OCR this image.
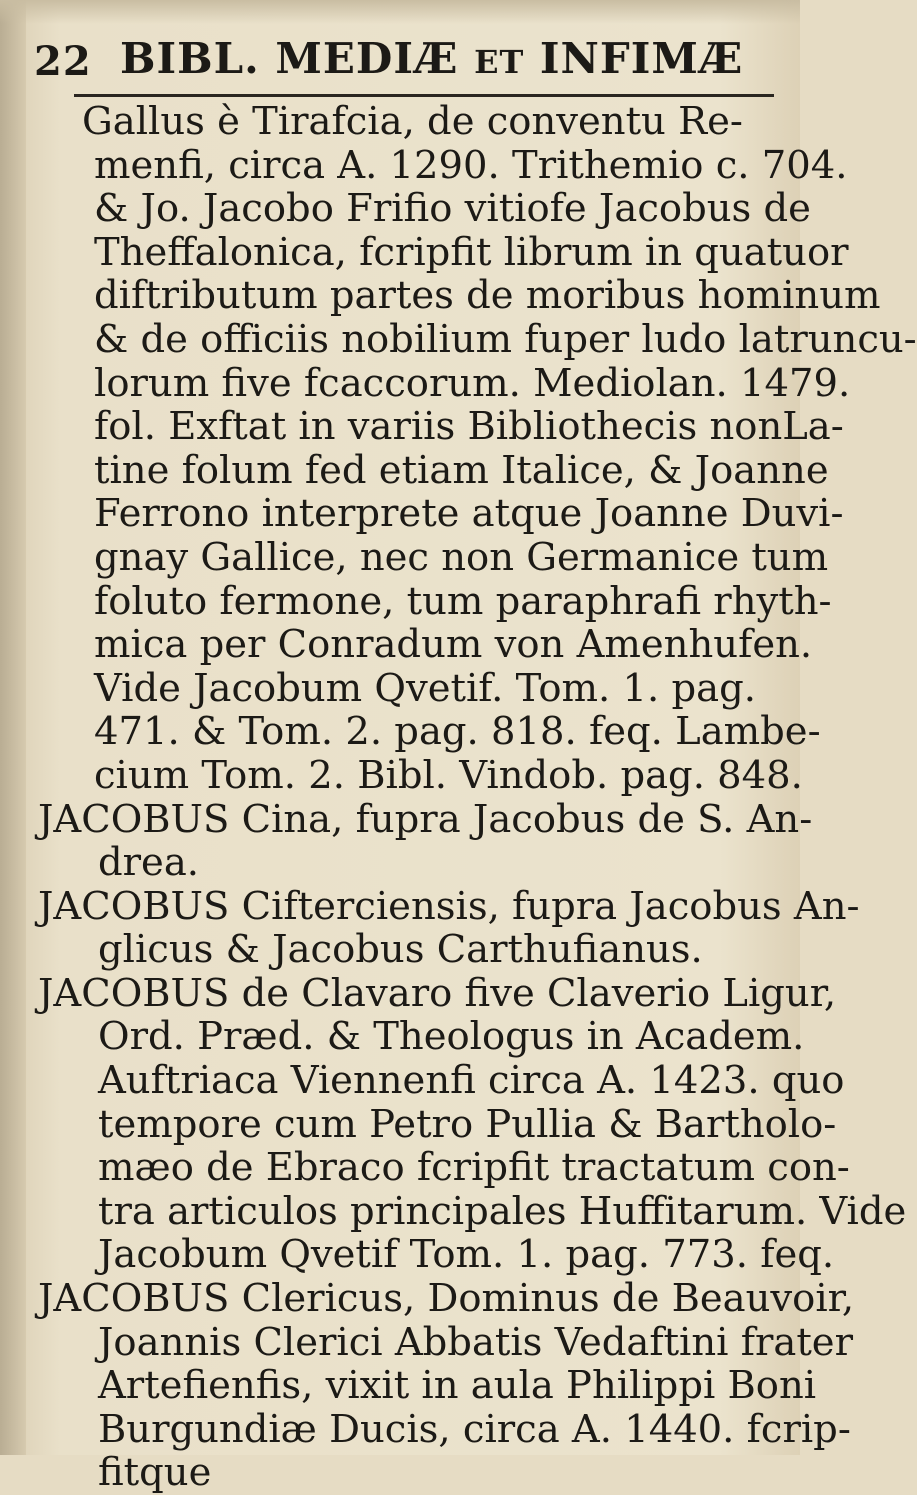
22 BIBL. MEDIÆ ET INFIMÆ
Gallus è Tirafcia, de conventu Re-
menfi, circa A. 1290. Trithemio c. 704.
& Jo. Jacobo Frifio vitiofe Jacobus de
Theffalonica, fcripfit librum in quatuor
diftributum partes de moribus hominum
& de officiis nobilium fuper ludo latruncu-
lorum five fcaccorum. Mediolan. 1479.
fol. Exftat in variis Bibliothecis nonLa-
tine folum fed etiam Italice, & Joanne
Ferrono interprete atque Joanne Duvi-
gnay Gallice, nec non Germanice tum
foluto fermone, tum paraphrafi rhyth-
mica per Conradum von Amenhufen.
Vide Jacobum Qvetif. Tom. 1. pag.
471. & Tom. 2. pag. 818. feq. Lambe-
cium Tom. 2. Bibl. Vindob. pag. 848.
JACOBUS Cina, fupra Jacobus de S. An-
drea.
JACOBUS Cifterciensis, fupra Jacobus An-
glicus & Jacobus Carthufianus.
JACOBUS de Clavaro five Claverio Ligur,
Ord. Præd. & Theologus in Academ.
Auftriaca Viennenfi circa A. 1423. quo
tempore cum Petro Pullia & Bartholo-
mæo de Ebraco fcripfit tractatum con-
tra articulos principales Huffitarum. Vide
Jacobum Qvetif Tom. 1. pag. 773. feq.
JACOBUS Clericus, Dominus de Beauvoir,
Joannis Clerici Abbatis Vedaftini frater
Artefienfis, vixit in aula Philippi Boni
Burgundiæ Ducis, circa A. 1440. fcrip-
fitque
